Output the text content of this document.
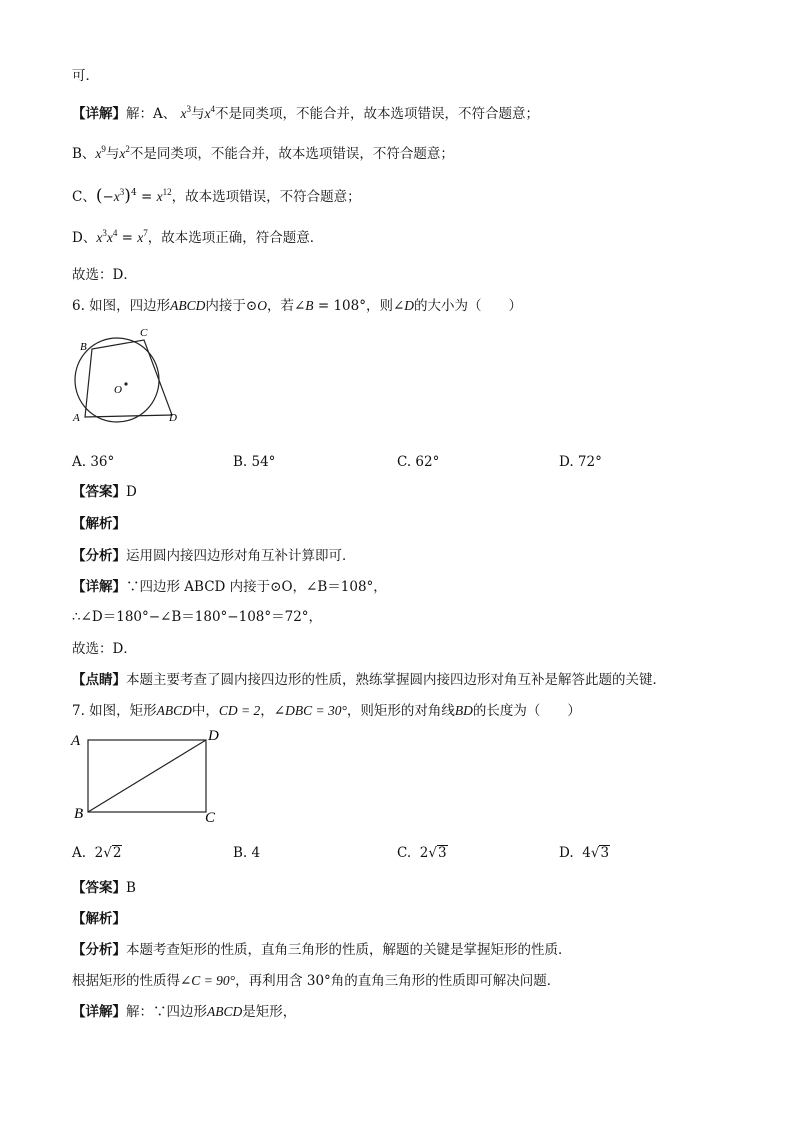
可．
【详解】解：A、 $x^3$与$x^4$不是同类项，不能合并，故本选项错误，不符合题意；
B、$x^9$与$x^2$不是同类项，不能合并，故本选项错误，不符合题意；
C、$(-x^3)^4 = x^{12}$，故本选项错误，不符合题意；
D、$x^3x^4 = x^7$，故本选项正确，符合题意．
故选：D．
6. 如图，四边形ABCD内接于⊙O，若∠B = 108°，则∠D的大小为（　　）
A
B
C
D
O
A. 36°	B. 54°	C. 62°	D. 72°
【答案】D
【解析】
【分析】运用圆内接四边形对角互补计算即可．
【详解】∵四边形 ABCD 内接于⊙O，∠B＝108°，
∴∠D＝180°−∠B＝180°−108°＝72°，
故选：D．
【点睛】本题主要考查了圆内接四边形的性质，熟练掌握圆内接四边形对角互补是解答此题的关键．
7. 如图，矩形ABCD中，CD = 2，∠DBC = 30°，则矩形的对角线BD的长度为（　　）
A	D
B	C
A. 2√2	B. 4	C. 2√3	D. 4√3
【答案】B
【解析】
【分析】本题考查矩形的性质，直角三角形的性质，解题的关键是掌握矩形的性质．
根据矩形的性质得∠C = 90°，再利用含 30°角的直角三角形的性质即可解决问题．
【详解】解：∵四边形ABCD是矩形，
